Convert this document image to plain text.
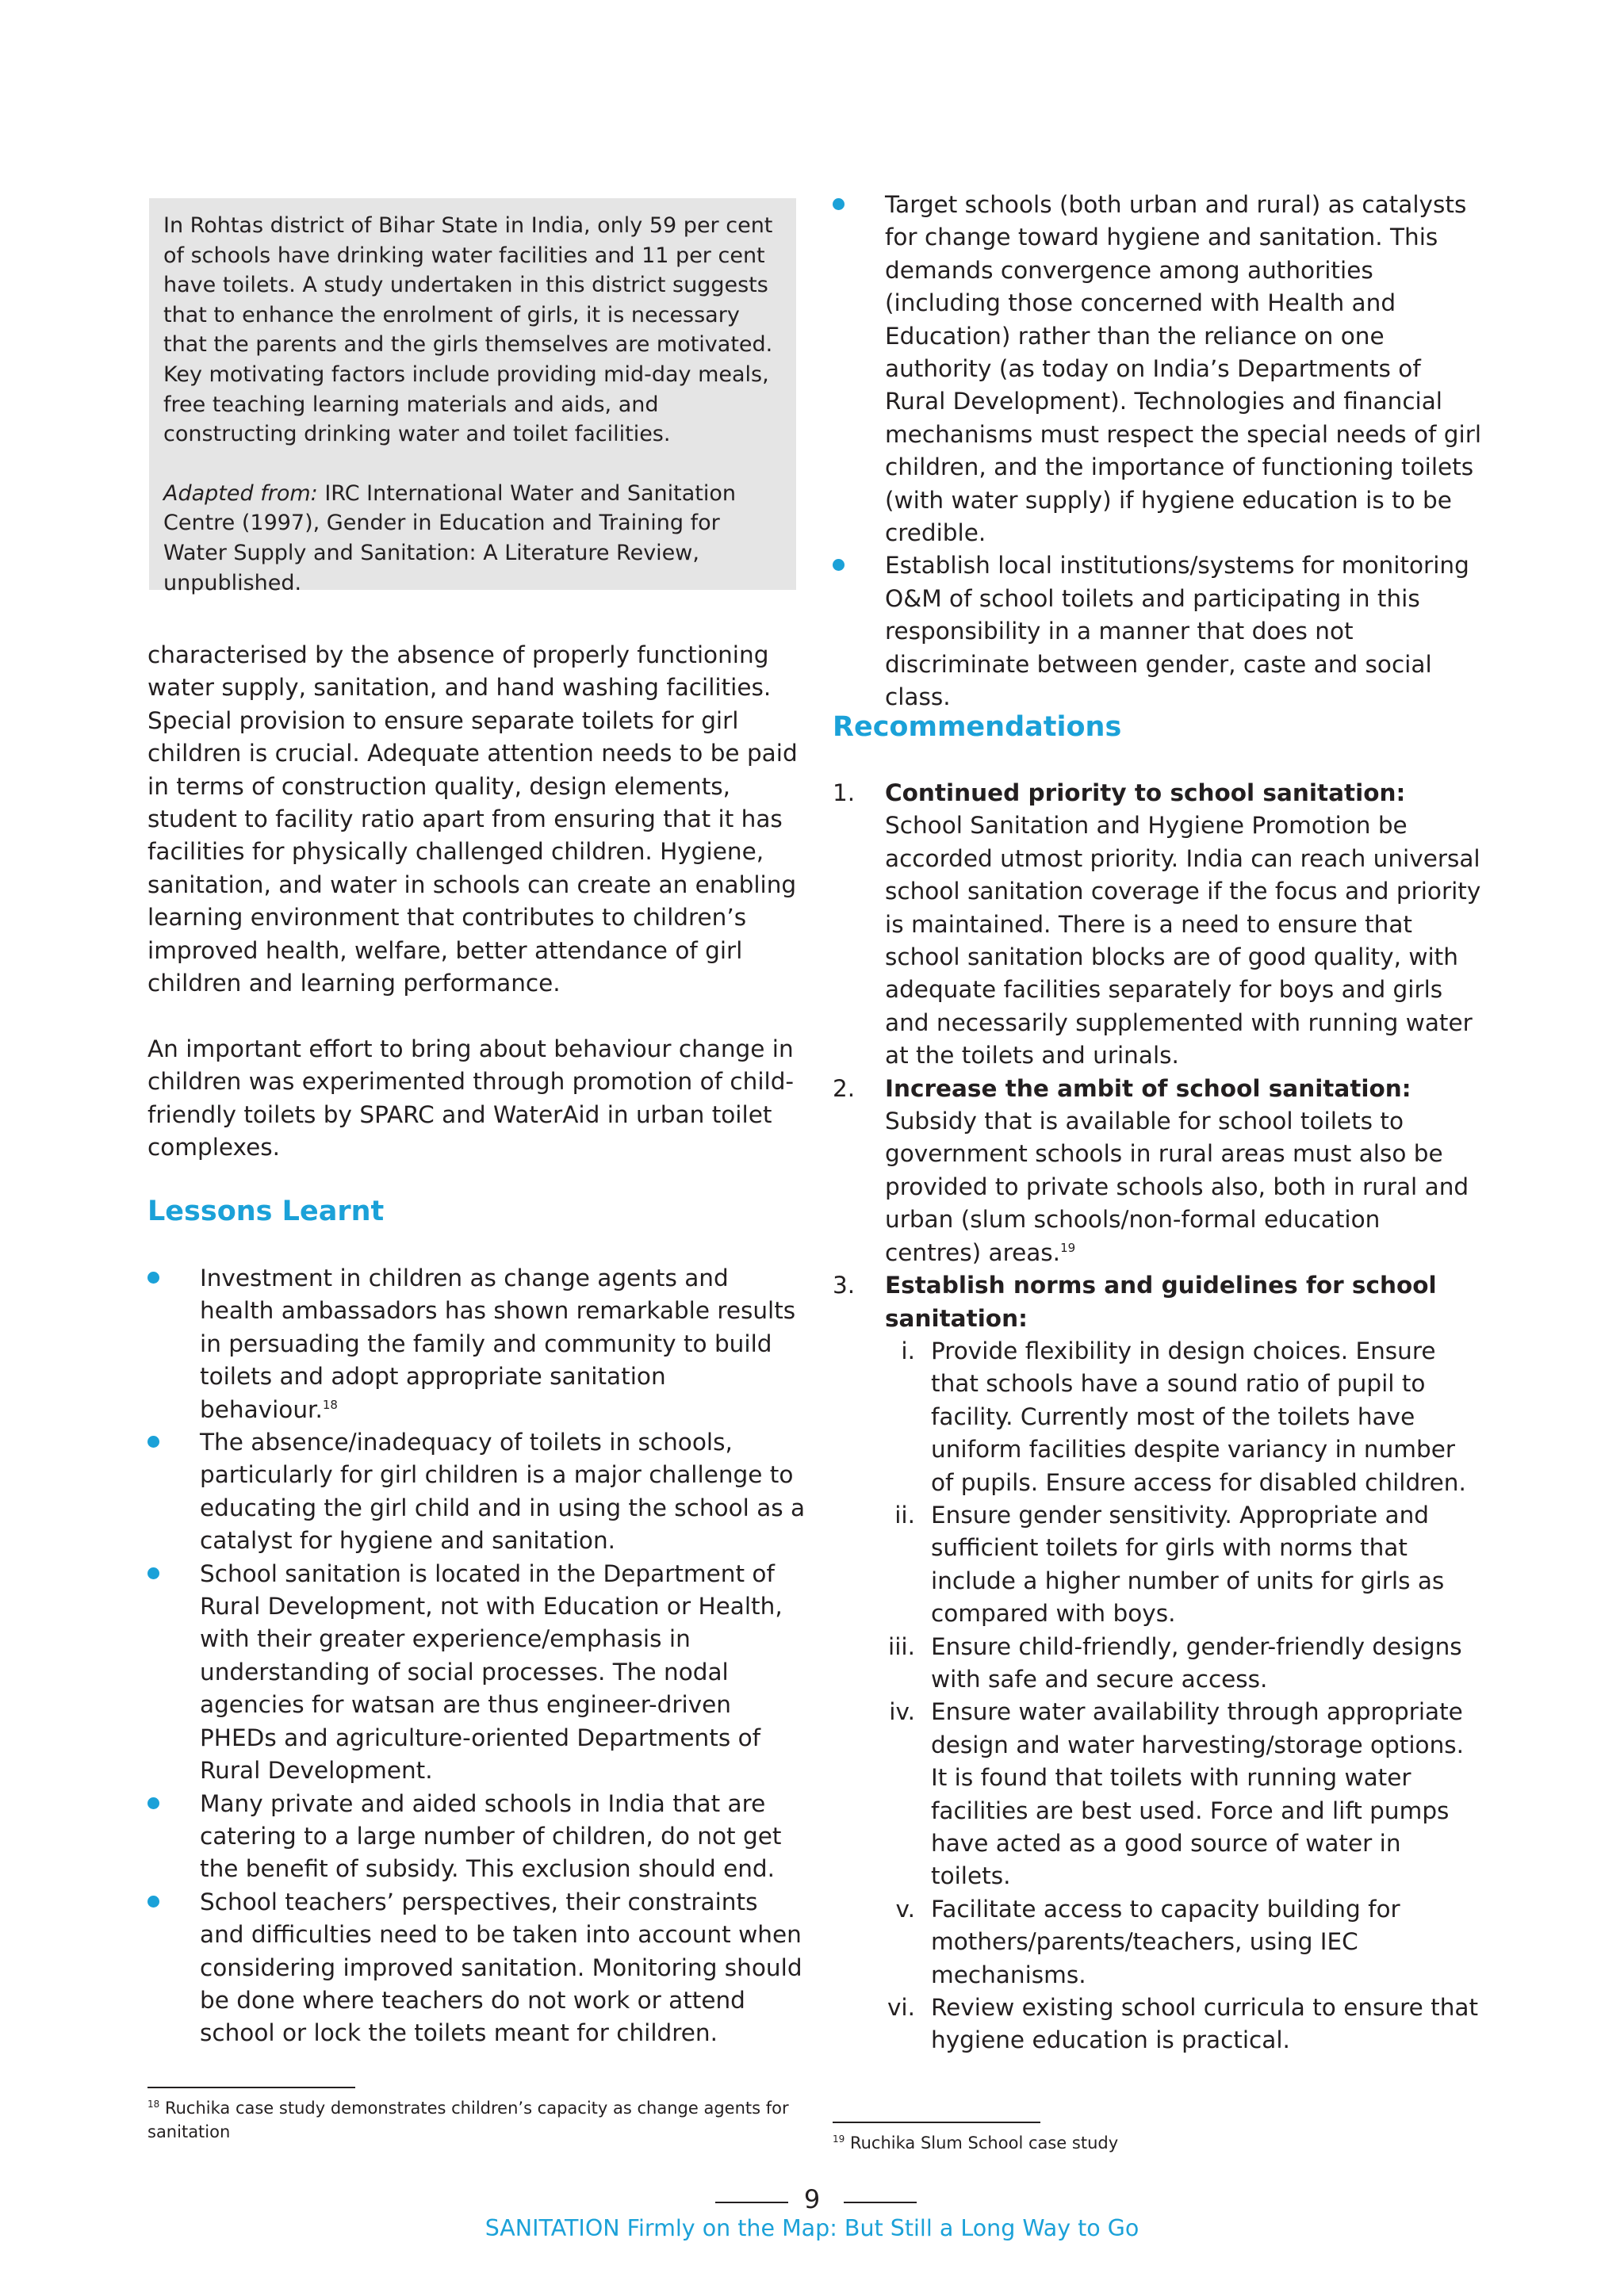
In Rohtas district of Bihar State in India, only 59 per cent of schools have drinking water facilities and 11 per cent have toilets. A study undertaken in this district suggests that to enhance the enrolment of girls, it is necessary that the parents and the girls themselves are motivated. Key motivating factors include providing mid-day meals, free teaching learning materials and aids, and constructing drinking water and toilet facilities.

Adapted from: IRC International Water and Sanitation Centre (1997), Gender in Education and Training for Water Supply and Sanitation: A Literature Review, unpublished.

characterised by the absence of properly functioning water supply, sanitation, and hand washing facilities. Special provision to ensure separate toilets for girl children is crucial. Adequate attention needs to be paid in terms of construction quality, design elements, student to facility ratio apart from ensuring that it has facilities for physically challenged children. Hygiene, sanitation, and water in schools can create an enabling learning environment that contributes to children’s improved health, welfare, better attendance of girl children and learning performance.

An important effort to bring about behaviour change in children was experimented through promotion of child-friendly toilets by SPARC and WaterAid in urban toilet complexes.

Lessons Learnt
Investment in children as change agents and health ambassadors has shown remarkable results in persuading the family and community to build toilets and adopt appropriate sanitation behaviour.$^{18}$
The absence/inadequacy of toilets in schools, particularly for girl children is a major challenge to educating the girl child and in using the school as a catalyst for hygiene and sanitation.
School sanitation is located in the Department of Rural Development, not with Education or Health, with their greater experience/emphasis in understanding of social processes. The nodal agencies for watsan are thus engineer-driven PHEDs and agriculture-oriented Departments of Rural Development.
Many private and aided schools in India that are catering to a large number of children, do not get the benefit of subsidy. This exclusion should end.
School teachers’ perspectives, their constraints and difficulties need to be taken into account when considering improved sanitation. Monitoring should be done where teachers do not work or attend school or lock the toilets meant for children.
Target schools (both urban and rural) as catalysts for change toward hygiene and sanitation. This demands convergence among authorities (including those concerned with Health and Education) rather than the reliance on one authority (as today on India’s Departments of Rural Development). Technologies and financial mechanisms must respect the special needs of girl children, and the importance of functioning toilets (with water supply) if hygiene education is to be credible.
Establish local institutions/systems for monitoring O&M of school toilets and participating in this responsibility in a manner that does not discriminate between gender, caste and social class.
Recommendations
1. Continued priority to school sanitation: School Sanitation and Hygiene Promotion be accorded utmost priority. India can reach universal school sanitation coverage if the focus and priority is maintained. There is a need to ensure that school sanitation blocks are of good quality, with adequate facilities separately for boys and girls and necessarily supplemented with running water at the toilets and urinals.
2. Increase the ambit of school sanitation: Subsidy that is available for school toilets to government schools in rural areas must also be provided to private schools also, both in rural and urban (slum schools/non-formal education centres) areas.$^{19}$
3. Establish norms and guidelines for school sanitation:
i. Provide flexibility in design choices. Ensure that schools have a sound ratio of pupil to facility. Currently most of the toilets have uniform facilities despite variancy in number of pupils. Ensure access for disabled children.
ii. Ensure gender sensitivity. Appropriate and sufficient toilets for girls with norms that include a higher number of units for girls as compared with boys.
iii. Ensure child-friendly, gender-friendly designs with safe and secure access.
iv. Ensure water availability through appropriate design and water harvesting/storage options. It is found that toilets with running water facilities are best used. Force and lift pumps have acted as a good source of water in toilets.
v. Facilitate access to capacity building for mothers/parents/teachers, using IEC mechanisms.
vi. Review existing school curricula to ensure that hygiene education is practical.
$^{18}$ Ruchika case study demonstrates children’s capacity as change agents for sanitation	$^{19}$ Ruchika Slum School case study
9
SANITATION Firmly on the Map: But Still a Long Way to Go
